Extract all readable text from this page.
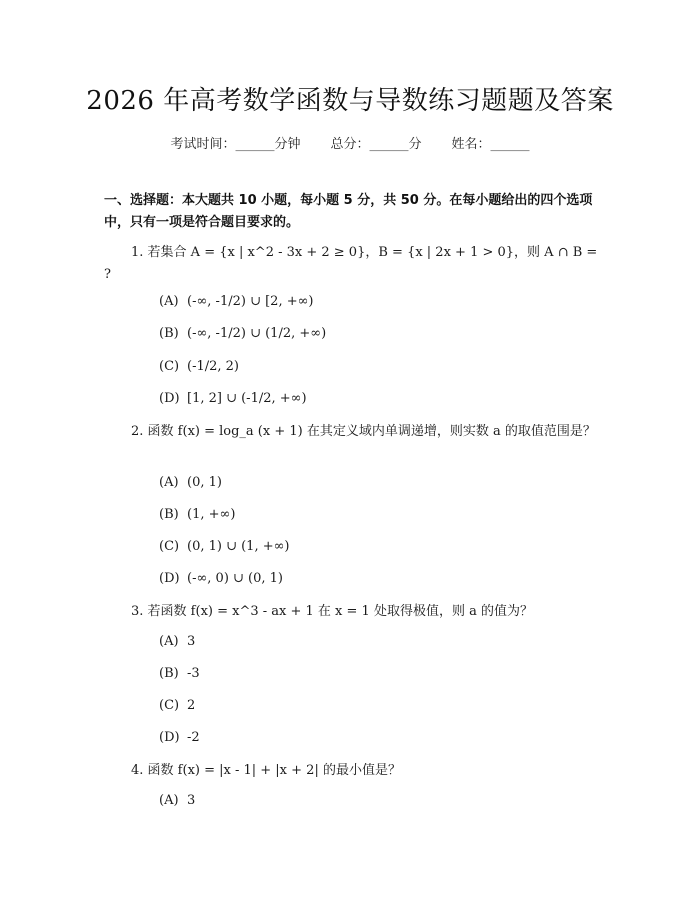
2026 年高考数学函数与导数练习题题及答案
考试时间：______分钟 总分：______分 姓名：______
一、选择题：本大题共 10 小题，每小题 5 分，共 50 分。在每小题给出的四个选项中，只有一项是符合题目要求的。
1. 若集合 A = {x | x^2 - 3x + 2 ≥ 0}，B = {x | 2x + 1 > 0}，则 A ∩ B = ?
(A) (-∞, -1/2) ∪ [2, +∞)
(B) (-∞, -1/2) ∪ (1/2, +∞)
(C) (-1/2, 2)
(D) [1, 2] ∪ (-1/2, +∞)
2. 函数 f(x) = log_a (x + 1) 在其定义域内单调递增，则实数 a 的取值范围是？
(A) (0, 1)
(B) (1, +∞)
(C) (0, 1) ∪ (1, +∞)
(D) (-∞, 0) ∪ (0, 1)
3. 若函数 f(x) = x^3 - ax + 1 在 x = 1 处取得极值，则 a 的值为？
(A) 3
(B) -3
(C) 2
(D) -2
4. 函数 f(x) = |x - 1| + |x + 2| 的最小值是？
(A) 3
